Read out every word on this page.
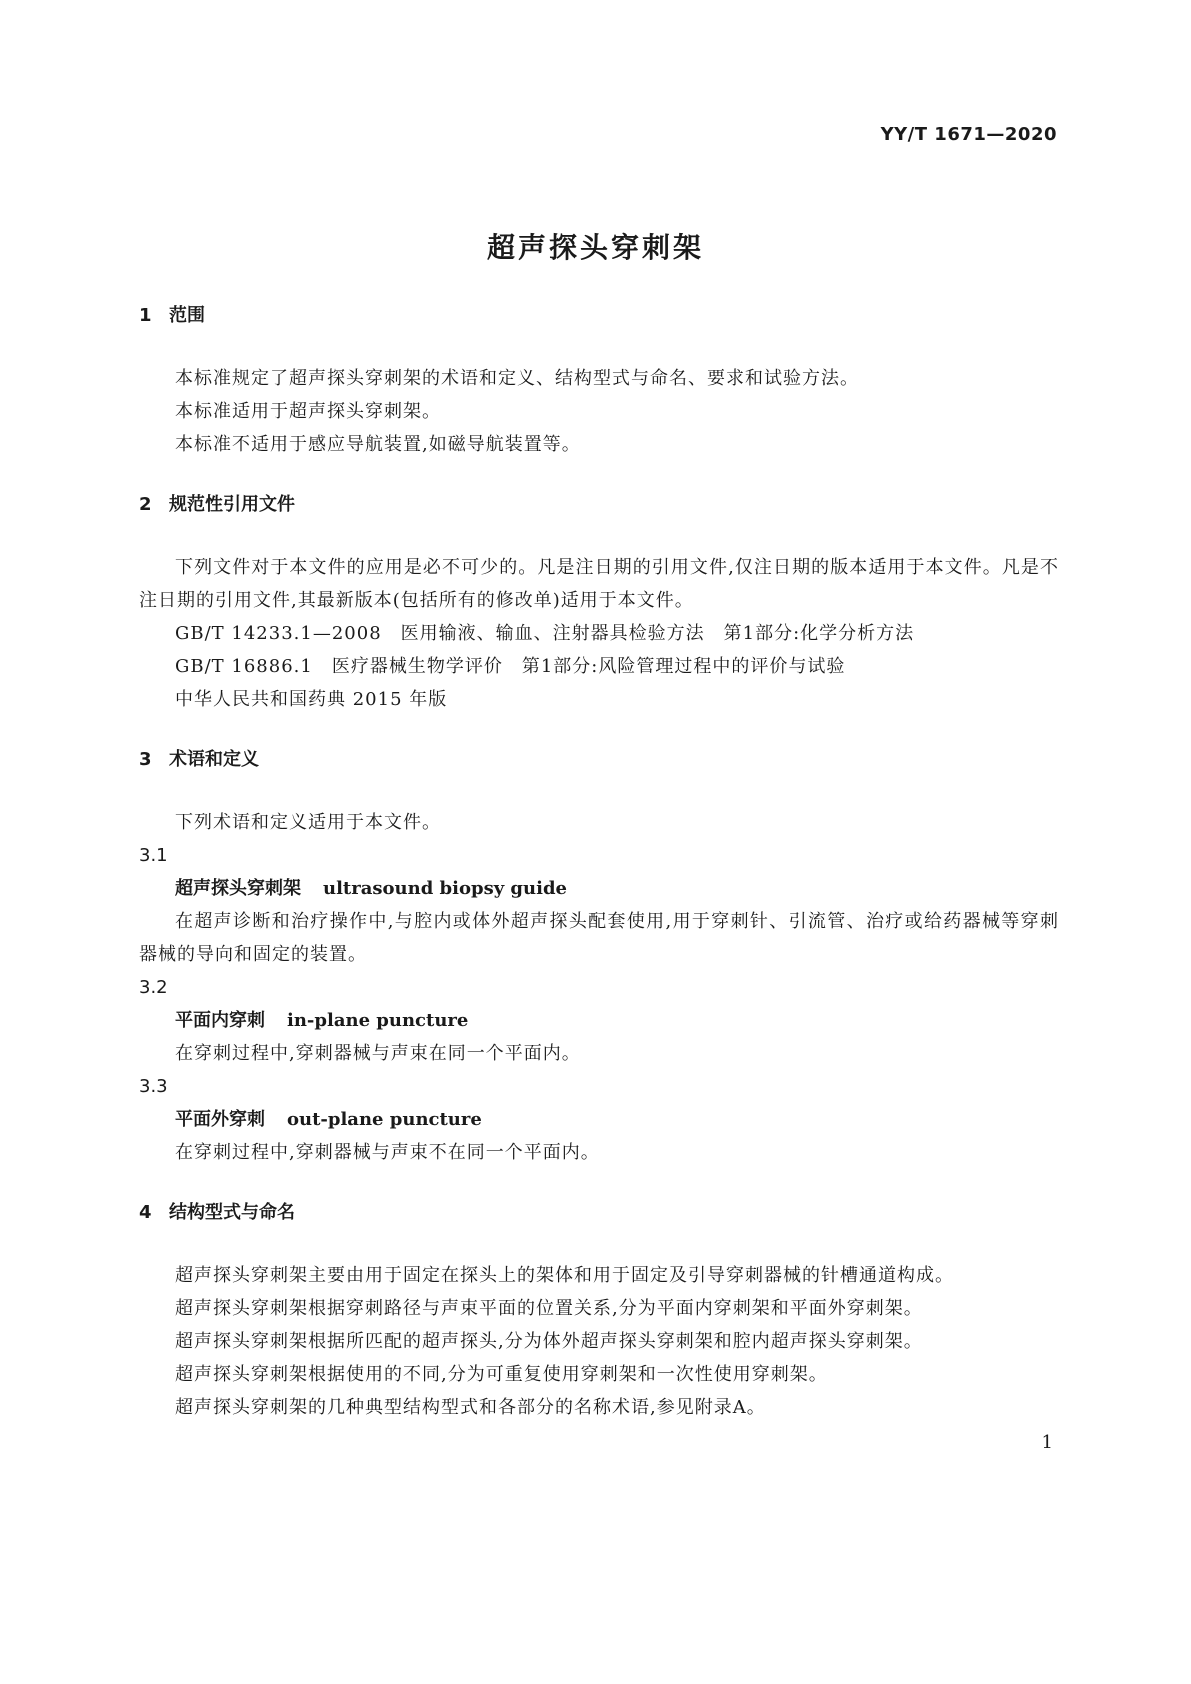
YY/T 1671—2020
超声探头穿刺架
1 范围
本标准规定了超声探头穿刺架的术语和定义、结构型式与命名、要求和试验方法。
本标准适用于超声探头穿刺架。
本标准不适用于感应导航装置,如磁导航装置等。
2 规范性引用文件
下列文件对于本文件的应用是必不可少的。凡是注日期的引用文件,仅注日期的版本适用于本文件。凡是不注日期的引用文件,其最新版本(包括所有的修改单)适用于本文件。
GB/T 14233.1—2008　医用输液、输血、注射器具检验方法　第1部分:化学分析方法
GB/T 16886.1　医疗器械生物学评价　第1部分:风险管理过程中的评价与试验
中华人民共和国药典 2015 年版
3 术语和定义
下列术语和定义适用于本文件。
3.1
超声探头穿刺架 ultrasound biopsy guide
在超声诊断和治疗操作中,与腔内或体外超声探头配套使用,用于穿刺针、引流管、治疗或给药器械等穿刺器械的导向和固定的装置。
3.2
平面内穿刺 in-plane puncture
在穿刺过程中,穿刺器械与声束在同一个平面内。
3.3
平面外穿刺 out-plane puncture
在穿刺过程中,穿刺器械与声束不在同一个平面内。
4 结构型式与命名
超声探头穿刺架主要由用于固定在探头上的架体和用于固定及引导穿刺器械的针槽通道构成。
超声探头穿刺架根据穿刺路径与声束平面的位置关系,分为平面内穿刺架和平面外穿刺架。
超声探头穿刺架根据所匹配的超声探头,分为体外超声探头穿刺架和腔内超声探头穿刺架。
超声探头穿刺架根据使用的不同,分为可重复使用穿刺架和一次性使用穿刺架。
超声探头穿刺架的几种典型结构型式和各部分的名称术语,参见附录A。
1
